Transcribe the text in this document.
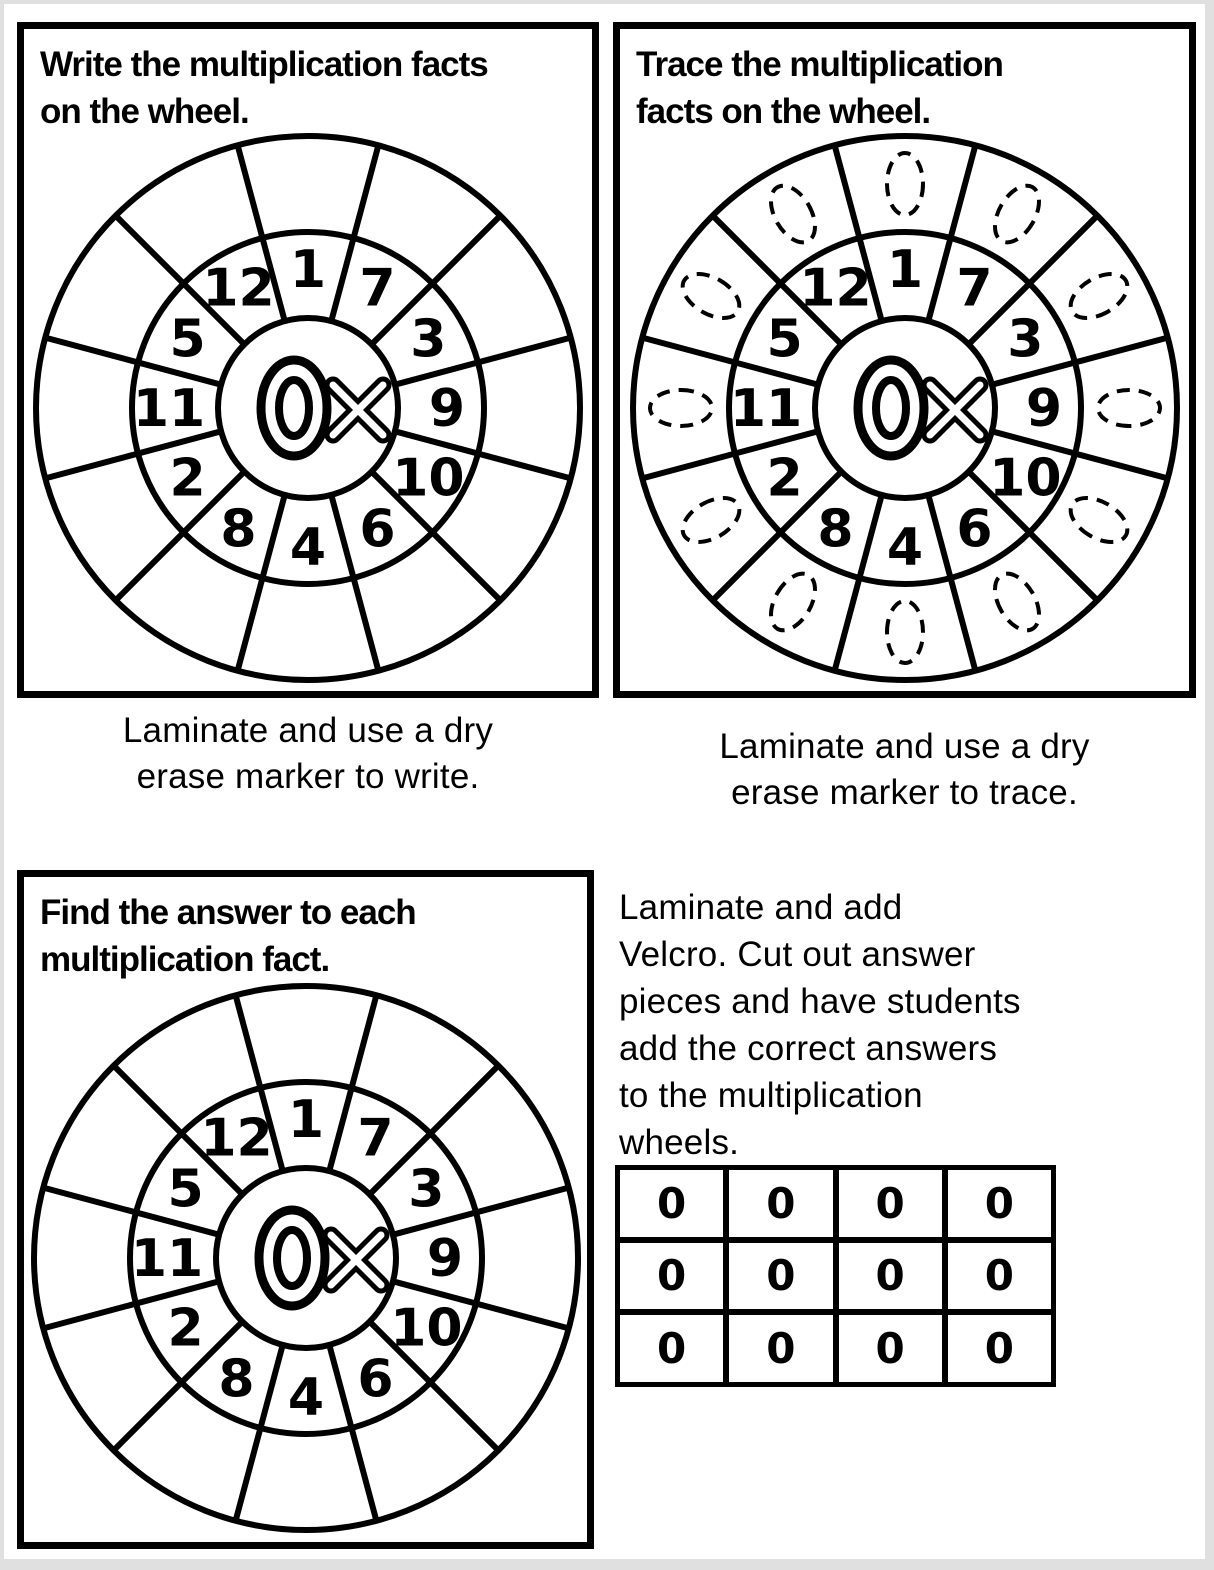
Write the multiplication facts
on the wheel.
1 7
3
9
10
6
4
8
2
11
5
12
Trace the multiplication
facts on the wheel.
1 7
3
9
10
6
4
8
2
11
5
12
Laminate and use a dry
erase marker to write.
Laminate and use a dry
erase marker to trace.
Find the answer to each
multiplication fact.
1 7
3
9
10
6
4
8
2
11
5
12
Laminate and add
Velcro. Cut out answer
pieces and have students
add the correct answers
to the multiplication
wheels.
0	0	0	0
0	0	0	0
0	0	0	0
